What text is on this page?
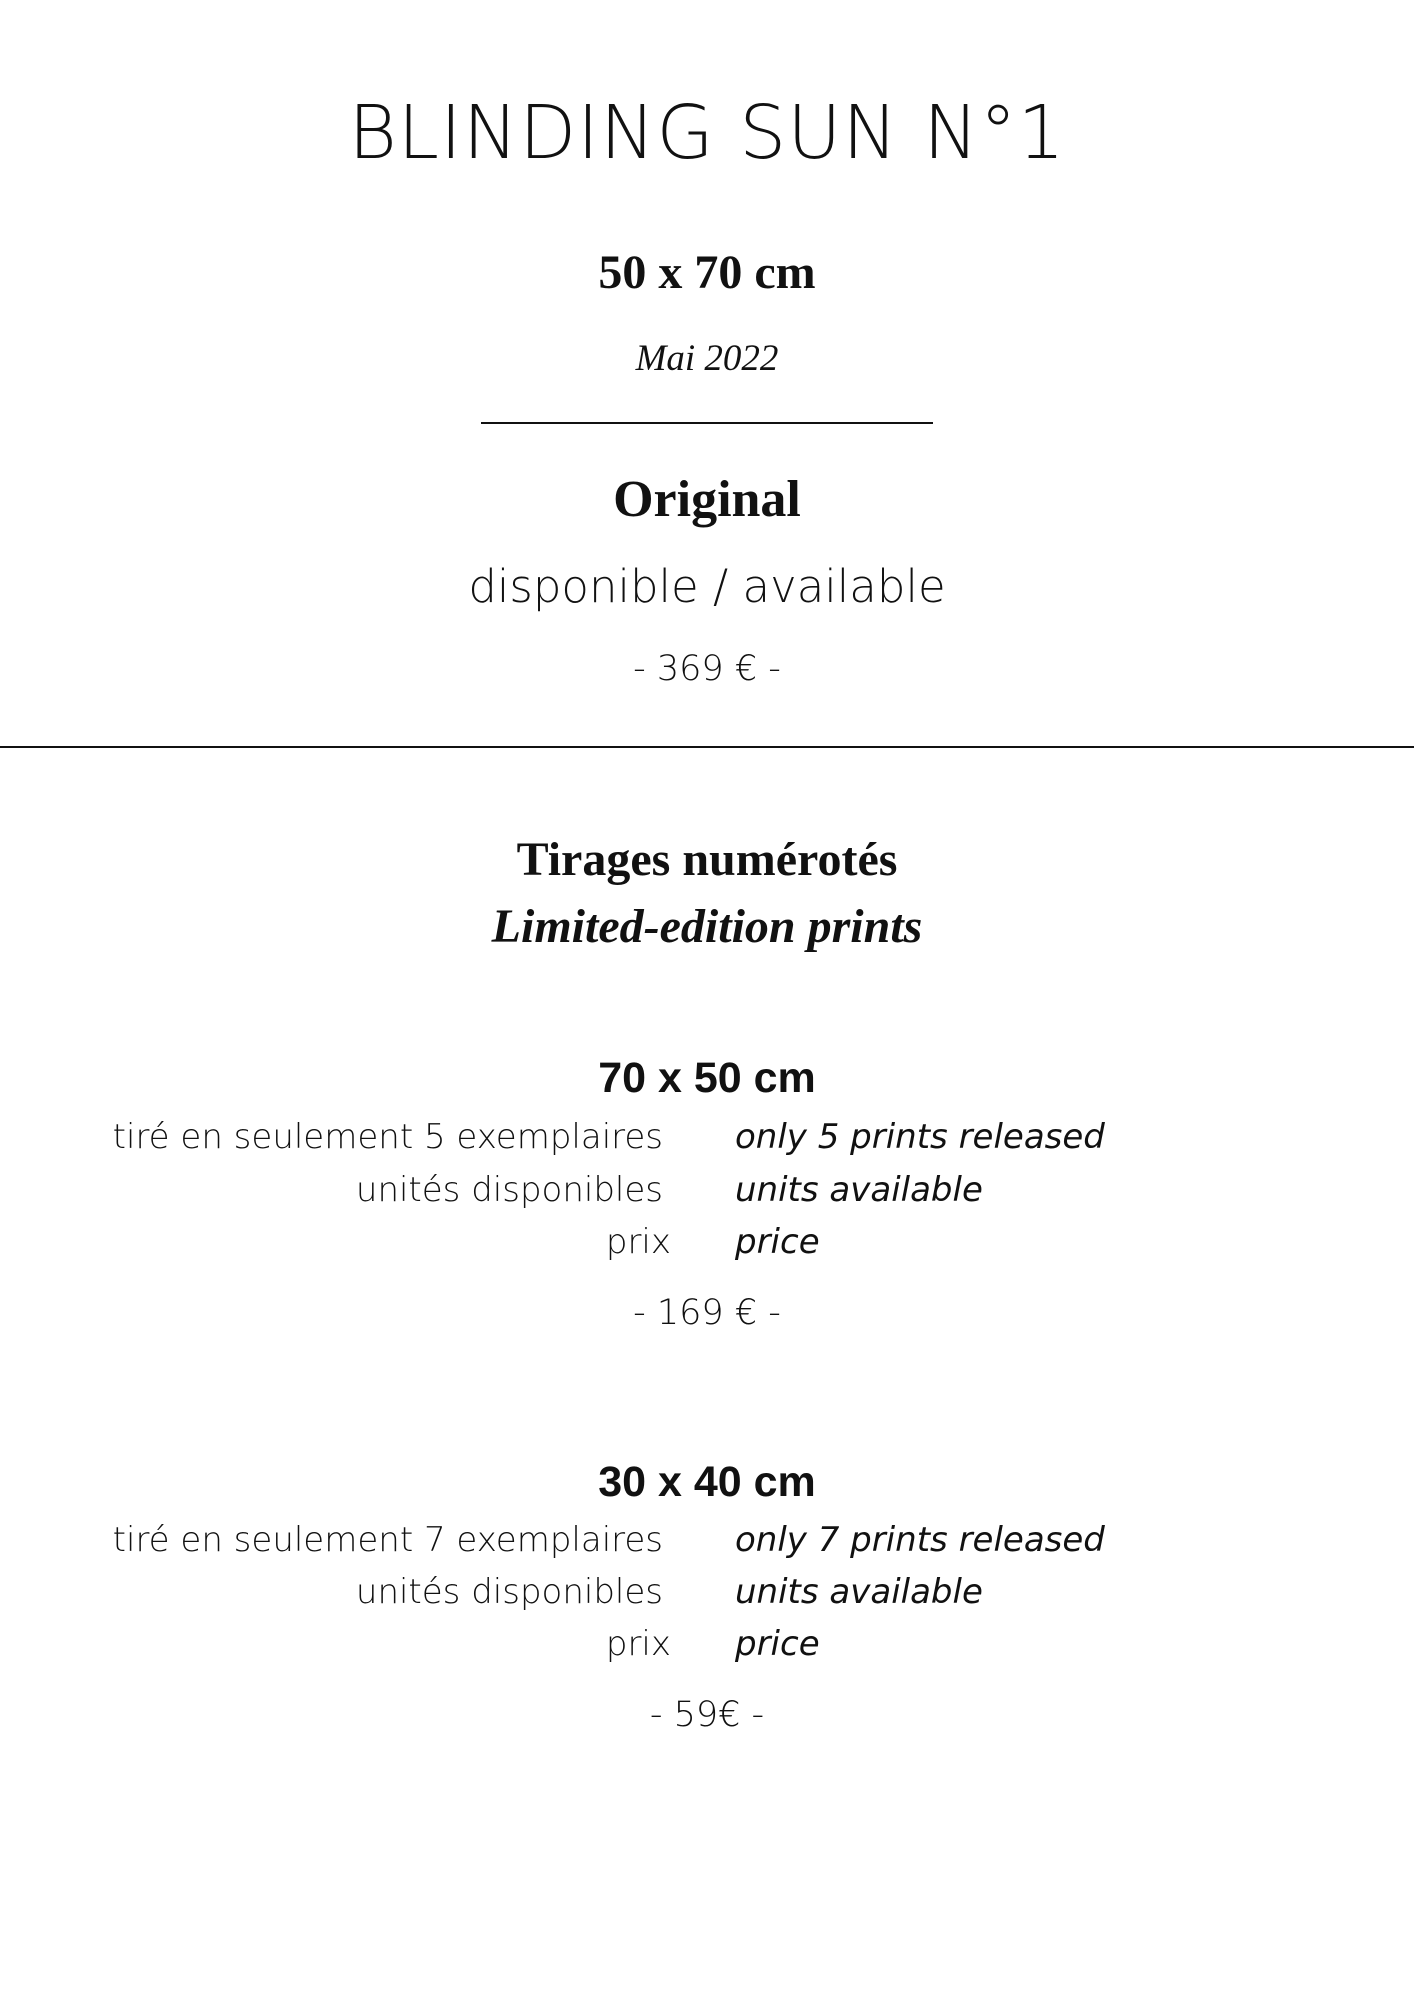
BLINDING SUN N°1
50 x 70 cm
Mai 2022
Original
disponible / available
- 369 € -
Tirages numérotés
Limited-edition prints
70 x 50 cm
tiré en seulement 5 exemplaires only 5 prints released
unités disponibles units available
prix price
- 169 € -
30 x 40 cm
tiré en seulement 7 exemplaires only 7 prints released
unités disponibles units available
prix price
- 59€ -
